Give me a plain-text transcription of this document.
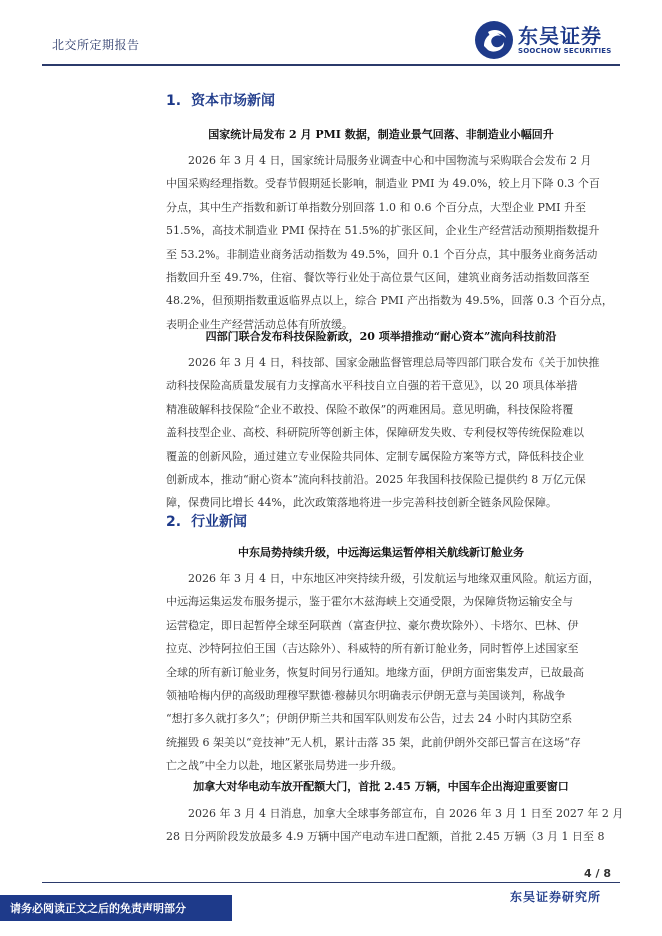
北交所定期报告	东吴证券
SOOCHOW SECURITIES
1. 资本市场新闻
国家统计局发布 2 月 PMI 数据，制造业景气回落、非制造业小幅回升
2026 年 3 月 4 日，国家统计局服务业调查中心和中国物流与采购联合会发布 2 月
中国采购经理指数。受春节假期延长影响，制造业 PMI 为 49.0%，较上月下降 0.3 个百
分点，其中生产指数和新订单指数分别回落 1.0 和 0.6 个百分点，大型企业 PMI 升至
51.5%，高技术制造业 PMI 保持在 51.5%的扩张区间，企业生产经营活动预期指数提升
至 53.2%。非制造业商务活动指数为 49.5%，回升 0.1 个百分点，其中服务业商务活动
指数回升至 49.7%，住宿、餐饮等行业处于高位景气区间，建筑业商务活动指数回落至
48.2%，但预期指数重返临界点以上，综合 PMI 产出指数为 49.5%，回落 0.3 个百分点，
表明企业生产经营活动总体有所放缓。
四部门联合发布科技保险新政，20 项举措推动“耐心资本”流向科技前沿
2026 年 3 月 4 日，科技部、国家金融监督管理总局等四部门联合发布《关于加快推
动科技保险高质量发展有力支撑高水平科技自立自强的若干意见》，以 20 项具体举措
精准破解科技保险“企业不敢投、保险不敢保”的两难困局。意见明确，科技保险将覆
盖科技型企业、高校、科研院所等创新主体，保障研发失败、专利侵权等传统保险难以
覆盖的创新风险，通过建立专业保险共同体、定制专属保险方案等方式，降低科技企业
创新成本，推动“耐心资本”流向科技前沿。2025 年我国科技保险已提供约 8 万亿元保
障，保费同比增长 44%，此次政策落地将进一步完善科技创新全链条风险保障。
2. 行业新闻
中东局势持续升级，中远海运集运暂停相关航线新订舱业务
2026 年 3 月 4 日，中东地区冲突持续升级，引发航运与地缘双重风险。航运方面，
中远海运集运发布服务提示，鉴于霍尔木兹海峡上交通受限，为保障货物运输安全与
运营稳定，即日起暂停全球至阿联酋（富查伊拉、豪尔费坎除外）、卡塔尔、巴林、伊
拉克、沙特阿拉伯王国（吉达除外）、科威特的所有新订舱业务，同时暂停上述国家至
全球的所有新订舱业务，恢复时间另行通知。地缘方面，伊朗方面密集发声，已故最高
领袖哈梅内伊的高级助理穆罕默德·穆赫贝尔明确表示伊朗无意与美国谈判，称战争
“想打多久就打多久”；伊朗伊斯兰共和国军队则发布公告，过去 24 小时内其防空系
统摧毁 6 架美以“竞技神”无人机，累计击落 35 架，此前伊朗外交部已誓言在这场“存
亡之战”中全力以赴，地区紧张局势进一步升级。
加拿大对华电动车放开配额大门，首批 2.45 万辆，中国车企出海迎重要窗口
2026 年 3 月 4 日消息，加拿大全球事务部宣布，自 2026 年 3 月 1 日至 2027 年 2 月
28 日分两阶段发放最多 4.9 万辆中国产电动车进口配额，首批 2.45 万辆（3 月 1 日至 8
4 / 8
请务必阅读正文之后的免责声明部分
东吴证券研究所
